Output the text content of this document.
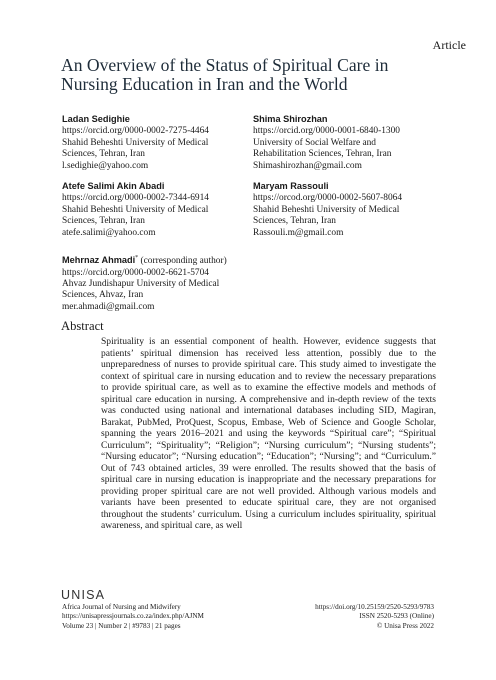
Article
An Overview of the Status of Spiritual Care in Nursing Education in Iran and the World
Ladan Sedighie
https://orcid.org/0000-0002-7275-4464
Shahid Beheshti University of Medical
Sciences, Tehran, Iran
l.sedighie@yahoo.com
Shima Shirozhan
https://orcid.org/0000-0001-6840-1300
University of Social Welfare and
Rehabilitation Sciences, Tehran, Iran
Shimashirozhan@gmail.com
Atefe Salimi Akin Abadi
https://orcid.org/0000-0002-7344-6914
Shahid Beheshti University of Medical
Sciences, Tehran, Iran
atefe.salimi@yahoo.com
Maryam Rassouli
https://orcod.org/0000-0002-5607-8064
Shahid Beheshti University of Medical
Sciences, Tehran, Iran
Rassouli.m@gmail.com
Mehrnaz Ahmadi* (corresponding author)
https://orcid.org/0000-0002-6621-5704
Ahvaz Jundishapur University of Medical
Sciences, Ahvaz, Iran
mer.ahmadi@gmail.com
Abstract

Spirituality is an essential component of health. However, evidence suggests that patients’ spiritual dimension has received less attention, possibly due to the unpreparedness of nurses to provide spiritual care. This study aimed to investigate the context of spiritual care in nursing education and to review the necessary preparations to provide spiritual care, as well as to examine the effective models and methods of spiritual care education in nursing. A comprehensive and in-depth review of the texts was conducted using national and international databases including SID, Magiran, Barakat, PubMed, ProQuest, Scopus, Embase, Web of Science and Google Scholar, spanning the years 2016–2021 and using the keywords “Spiritual care”; “Spiritual Curriculum”; “Spirituality”; “Religion”; “Nursing curriculum”; “Nursing students”; “Nursing educator”; “Nursing education”; “Education”; “Nursing”; and “Curriculum.” Out of 743 obtained articles, 39 were enrolled. The results showed that the basis of spiritual care in nursing education is inappropriate and the necessary preparations for providing proper spiritual care are not well provided. Although various models and variants have been presented to educate spiritual care, they are not organised throughout the students’ curriculum. Using a curriculum includes spirituality, spiritual awareness, and spiritual care, as well

UNISA
Africa Journal of Nursing and Midwifery
https://unisapressjournals.co.za/index.php/AJNM
Volume 23 | Number 2 | #9783 | 21 pages
https://doi.org/10.25159/2520-5293/9783
ISSN 2520-5293 (Online)
© Unisa Press 2022
